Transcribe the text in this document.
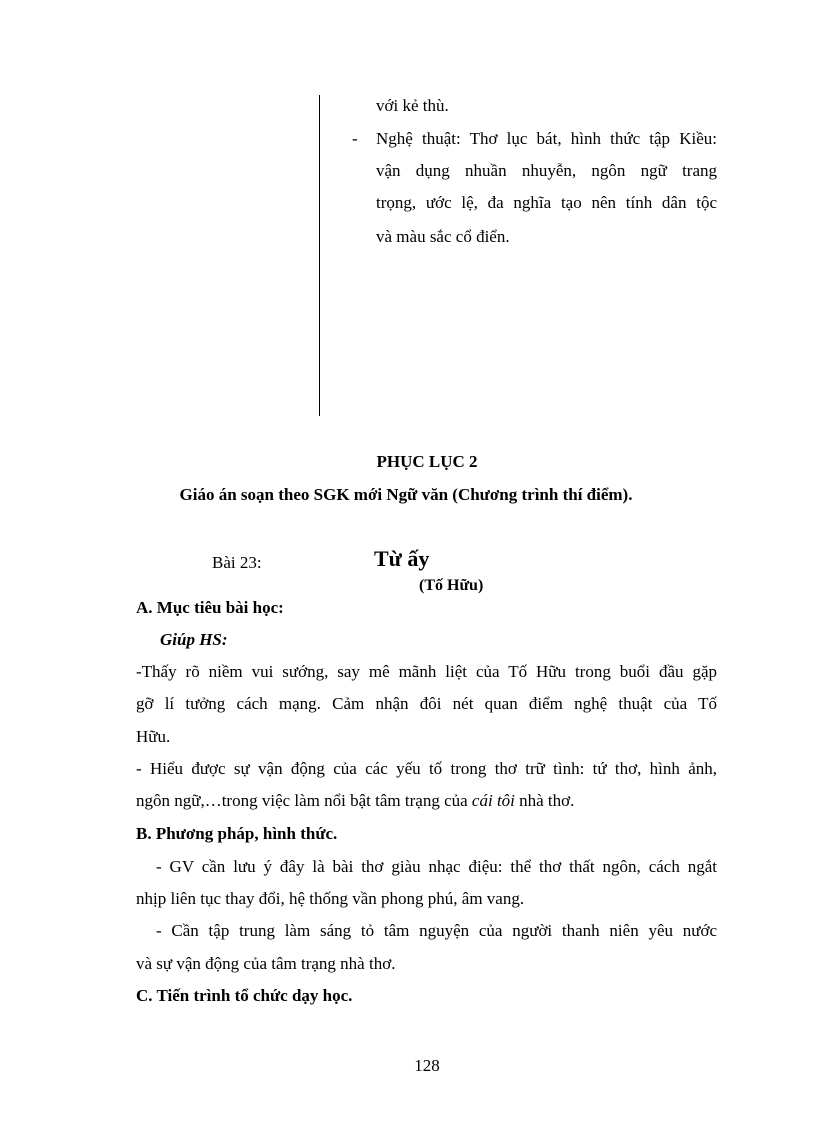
với kẻ thù.
- Nghệ thuật: Thơ lục bát, hình thức tập Kiều:
vận dụng nhuần nhuyễn, ngôn ngữ trang
trọng, ước lệ, đa nghĩa tạo nên tính dân tộc
và màu sắc cổ điển.
PHỤC LỤC 2
Giáo án soạn theo SGK mới Ngữ văn (Chương trình thí điểm).
Bài 23:	Từ ấy
(Tố Hữu)
A. Mục tiêu bài học:
Giúp HS:
-Thấy rõ niềm vui sướng, say mê mãnh liệt của Tố Hữu trong buổi đầu gặp
gỡ lí tưởng cách mạng. Cảm nhận đôi nét quan điểm nghệ thuật của Tố
Hữu.
- Hiểu được sự vận động của các yếu tố trong thơ trữ tình: tứ thơ, hình ảnh,
ngôn ngữ,…trong việc làm nổi bật tâm trạng của cái tôi nhà thơ.
B. Phương pháp, hình thức.
- GV cần lưu ý đây là bài thơ giàu nhạc điệu: thể thơ thất ngôn, cách ngắt
nhịp liên tục thay đổi, hệ thống vần phong phú, âm vang.
- Cần tập trung làm sáng tỏ tâm nguyện của người thanh niên yêu nước
và sự vận động của tâm trạng nhà thơ.
C. Tiến trình tổ chức dạy học.
128
